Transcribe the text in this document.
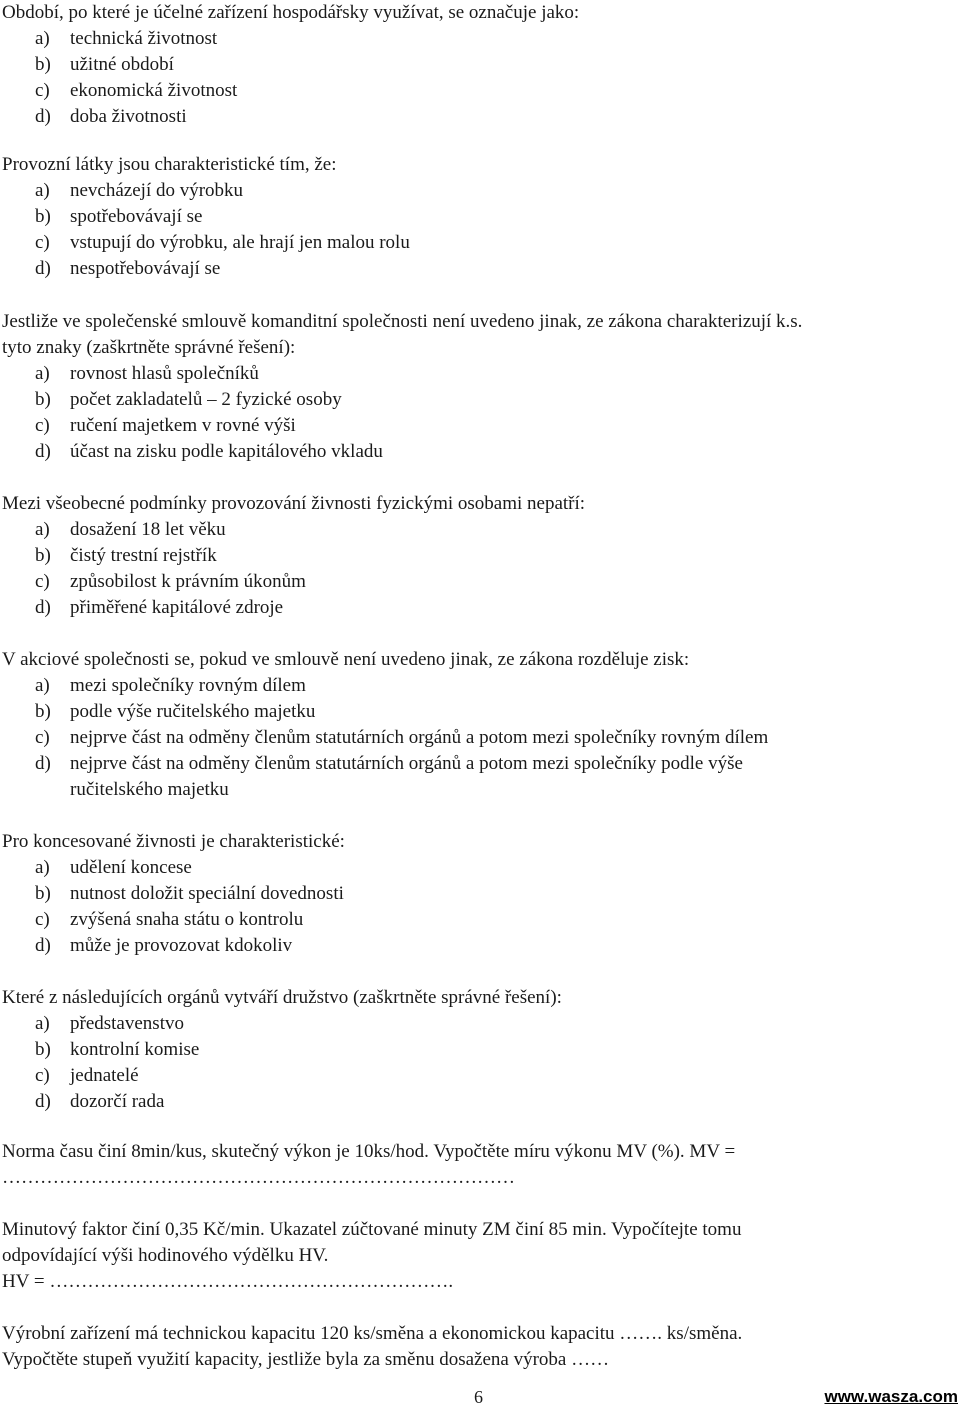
Období, po které je účelné zařízení hospodářsky využívat, se označuje jako:
a)	technická životnost
b)	užitné období
c)	ekonomická životnost
d)	doba životnosti
Provozní látky jsou charakteristické tím, že:
a)	nevcházejí do výrobku
b)	spotřebovávají se
c)	vstupují do výrobku, ale hrají jen malou rolu
d)	nespotřebovávají se
Jestliže ve společenské smlouvě komanditní společnosti není uvedeno jinak, ze zákona charakterizují k.s.
tyto znaky (zaškrtněte správné řešení):
a)	rovnost hlasů společníků
b)	počet zakladatelů – 2 fyzické osoby
c)	ručení majetkem v rovné výši
d)	účast na zisku podle kapitálového vkladu
Mezi všeobecné podmínky provozování živnosti fyzickými osobami nepatří:
a)	dosažení 18 let věku
b)	čistý trestní rejstřík
c)	způsobilost k právním úkonům
d)	přiměřené kapitálové zdroje
V akciové společnosti se, pokud ve smlouvě není uvedeno jinak, ze zákona rozděluje zisk:
a)	mezi společníky rovným dílem
b)	podle výše ručitelského majetku
c)	nejprve část na odměny členům statutárních orgánů a potom mezi společníky rovným dílem
d)	nejprve část na odměny členům statutárních orgánů a potom mezi společníky podle výše
ručitelského majetku
Pro koncesované živnosti je charakteristické:
a)	udělení koncese
b)	nutnost doložit speciální dovednosti
c)	zvýšená snaha státu o kontrolu
d)	může je provozovat kdokoliv
Které z následujících orgánů vytváří družstvo (zaškrtněte správné řešení):
a)	představenstvo
b)	kontrolní komise
c)	jednatelé
d)	dozorčí rada
Norma času činí 8min/kus, skutečný výkon je 10ks/hod. Vypočtěte míru výkonu MV (%). MV =
………………………………………………………………………
Minutový faktor činí 0,35 Kč/min. Ukazatel zúčtované minuty ZM činí 85 min. Vypočítejte tomu
odpovídající výši hodinového výdělku HV.
HV = ……………………………………………………….
Výrobní zařízení má technickou kapacitu 120 ks/směna a ekonomickou kapacitu ……. ks/směna.
Vypočtěte stupeň využití kapacity, jestliže byla za směnu dosažena výroba ……
6	www.wasza.com
